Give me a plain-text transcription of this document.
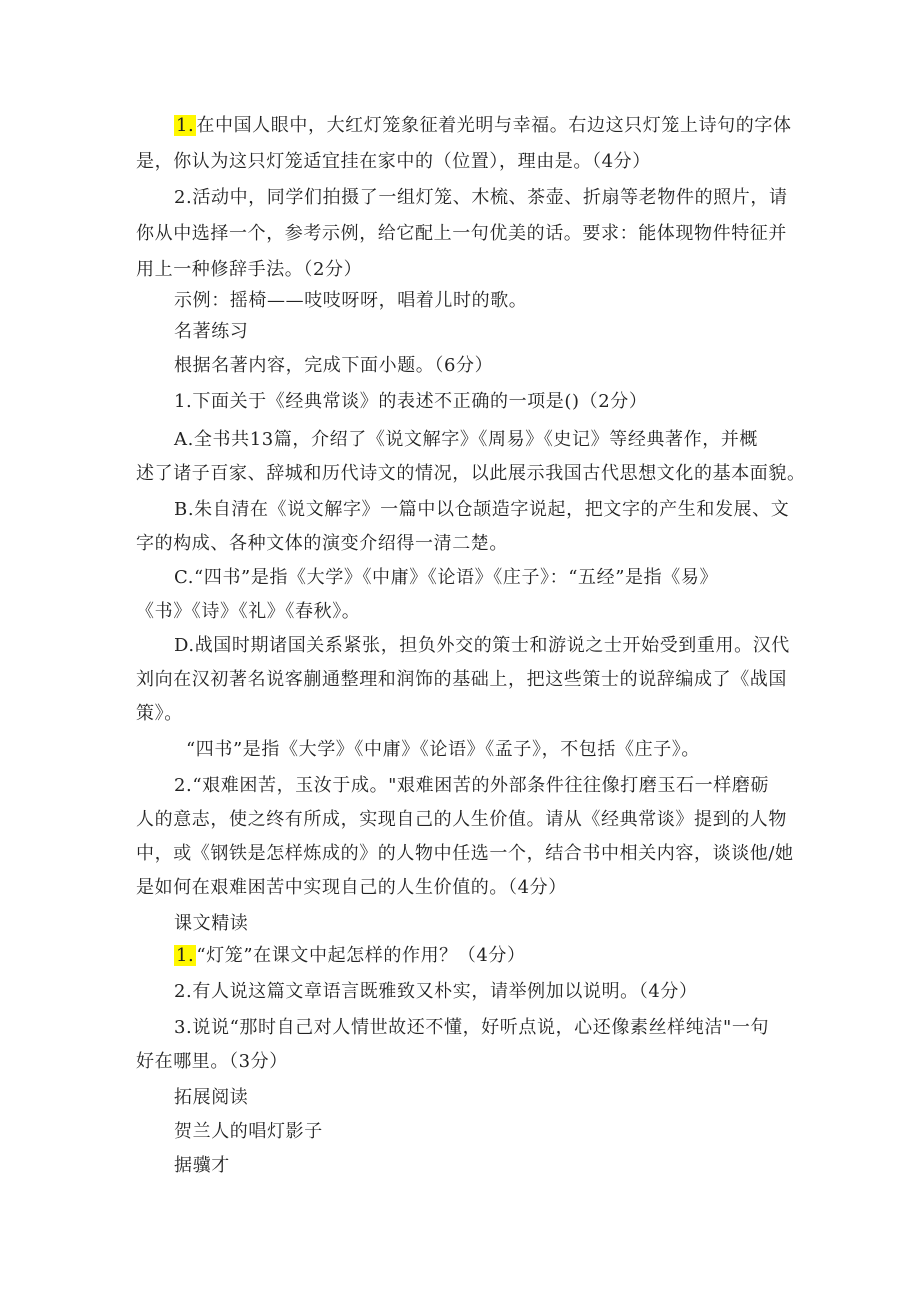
1. 在中国人眼中，大红灯笼象征着光明与幸福。右边这只灯笼上诗句的字体
是，你认为这只灯笼适宜挂在家中的（位置），理由是。（4分）
2.活动中，同学们拍摄了一组灯笼、木梳、茶壶、折扇等老物件的照片，请
你从中选择一个，参考示例，给它配上一句优美的话。要求：能体现物件特征并
用上一种修辞手法。（2分）
示例：摇椅——吱吱呀呀，唱着儿时的歌。
名著练习
根据名著内容，完成下面小题。（6分）
1.下面关于《经典常谈》的表述不正确的一项是()（2分）
A.全书共13篇，介绍了《说文解字》《周易》《史记》等经典著作，并概
述了诸子百家、辞城和历代诗文的情况，以此展示我国古代思想文化的基本面貌。
B.朱自清在《说文解字》一篇中以仓颉造字说起，把文字的产生和发展、文
字的构成、各种文体的演变介绍得一清二楚。
C.“四书”是指《大学》《中庸》《论语》《庄子》：“五经”是指《易》
《书》《诗》《礼》《春秋》。
D.战国时期诸国关系紧张，担负外交的策士和游说之士开始受到重用。汉代
刘向在汉初著名说客蒯通整理和润饰的基础上，把这些策士的说辞编成了《战国
策》。
“四书”是指《大学》《中庸》《论语》《孟子》，不包括《庄子》。
2.“艰难困苦，玉汝于成。"艰难困苦的外部条件往往像打磨玉石一样磨砺
人的意志，使之终有所成，实现自己的人生价值。请从《经典常谈》提到的人物
中，或《钢铁是怎样炼成的》的人物中任选一个，结合书中相关内容，谈谈他/她
是如何在艰难困苦中实现自己的人生价值的。（4分）
课文精读
1. “灯笼”在课文中起怎样的作用？（4分）
2.有人说这篇文章语言既雅致又朴实，请举例加以说明。（4分）
3.说说“那时自己对人情世故还不懂，好听点说，心还像素丝样纯洁"一句
好在哪里。（3分）
拓展阅读
贺兰人的唱灯影子
据骥才
